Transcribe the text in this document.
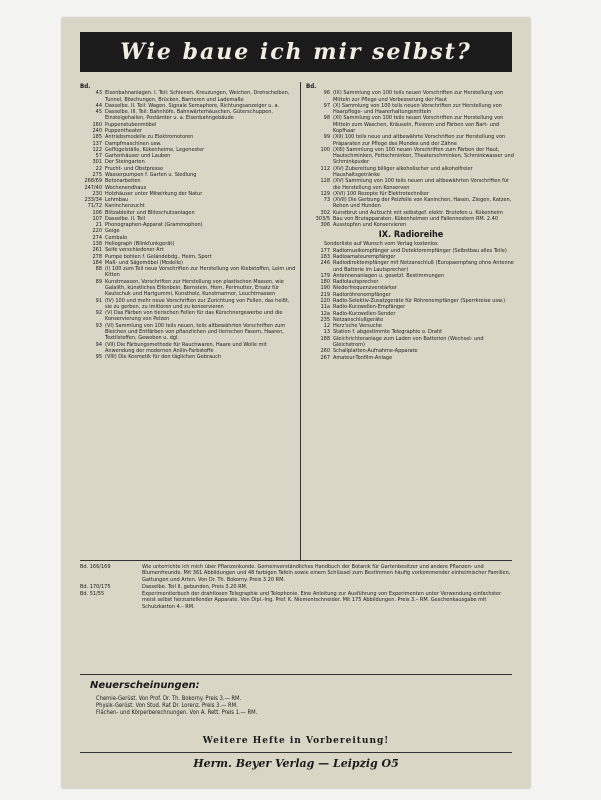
Wie baue ich mir selbst?
Bd.
43 Eisenbahnanlagen. I. Teil: Schienen, Kreuzungen, Weichen, Drehscheiben, Tunnel, Böschungen, Brücken, Barrieren und Lademaße
44 Dasselbe. II. Teil: Wagen, Signale Semaphore, Richtungsanzeiger u. a.
45 Dasselbe. III. Teil: Bahnhöfe, Bahnwärterhäuschen, Güterschuppen, Einsteigehallen, Postämter u. a. Eisenbahngebäude
160 Puppenstubenmöbel
240 Puppentheater
185 Antriebsmodelle zu Elektromotoren
137 Dampfmaschinen usw.
122 Geflügelställe, Kükenheime, Legenester
57 Gartenhäuser und Lauben
301 Der Steingarten
22 Frucht- und Obstpresse
275 Wasserpumpen f. Garten u. Siedlung
268/69 Betonarbeiten
247/40 Wochenendhaus
230 Holzhäuser unter Mitwirkung der Natur
233/34 Lehmbau
71/72 Kaninchenzucht
106 Blitzableiter und Blitzschutzanlagen
107 Dasselbe. II. Teil
21 Phonographen-Apparat (Grammophon)
220 Geige
274 Cembalo
138 Heliograph (Blinkfunkgerät)
261 Seife verschiedener Art
278 Pumpe bohlen f. Geländebdg., Heim, Sport
184 Maß- und Sägemöbel (Modelle)
88 (I) 100 zum Teil neue Vorschriften zur Herstellung von Klebstoffen, Leim und Kitten
89 Kunstmassen, Vorschriften zur Herstellung von plastischen Massen, wie Galalith, künstliches Elfenbein, Bernstein, Horn, Perlmutter, Ersatz für Kautschuk und Hartgummi, Kunstholz, Kunstmarmor, Leuchtmassen
91 (IV) 100 und mehr neue Vorschriften zur Zurichtung von Fellen, das heißt, sie zu gerben, zu imitieren und zu konservieren
92 (V) Das Färben von tierischen Fellen für das Kürschnergewerbe und die Konservierung von Pelzen
93 (VI) Sammlung von 100 teils neuen, teils altbewährten Vorschriften zum Bleichen und Entfärben von pflanzlichen und tierischen Fasern, Haaren, Textilstoffen, Geweben u. dgl.
94 (VII) Die Färbungsmethode für Rauchwaren, Haare und Wolle mit Anwendung der modernen Anilin-Farbstoffe
95 (VIII) Die Kosmetik für den täglichen Gebrauch
Bd.
96 (IX) Sammlung von 100 teils neuen Vorschriften zur Herstellung von Mitteln zur Pflege und Verbesserung der Haut
97 (X) Sammlung von 100 teils neuen Vorschriften zur Herstellung von Haarpflege- und Haarerhaltungsmitteln
98 (XI) Sammlung von 100 teils neuen Vorschriften zur Herstellung von Mitteln zum Waschen, Kräuseln, Fixieren und Färben von Bart- und Kopfhaar
99 (XII) 100 teils neue und altbewährte Vorschriften zur Herstellung von Präparaten zur Pflege des Mundes und der Zähne
100 (XIII) Sammlung von 100 neuen Vorschriften zum Färben der Haut, Hautschminken, Fettschminken, Theaterschminken, Schminkwasser und Schminkpuder
112 (XV) Zubereitung billiger alkoholischer und alkoholfreier Haushaltsgetränke
128 (XV) Sammlung von 100 teils neuen und altbewährten Vorschriften für die Herstellung von Konserven
129 (XVI) 100 Rezepte für Elektrotechniker
73 (XVII) Die Gerbung der Pelzfelle von Kaninchen, Hasen, Ziegen, Katzen, Rehen und Hunden
302 Kunstbrut und Aufzucht mit selbstgef. elektr. Brutofen u. Kükenheim
303/5 Bau von Brutapparaten, Kükenheimen und Fallennestern RM. 2.40
306 Ausstopfen und Konservieren
IX. Radioreihe
Sonderliste auf Wunsch vom Verlag kostenlos
177 Radiomusikempfänger und Detektorempfänger (Selbstbau alles Teile)
183 Radioamateurempfänger
246 Radiodirektempfänger mit Netzanschluß (Europaempfang ohne Antenne und Batterie im Lautsprecher)
179 Antennenanlagen u. gesetzl. Bestimmungen
180 Radiolautsprecher
190 Niederfrequenzverstärker
219 Radioröhrenempfänger
220 Radio-Selektiv-Zusatzgeräte für Röhrenempfänger (Sperrkreise usw.)
11a Radio-Kurzwellen-Empfänger
12a Radio-Kurzwellen-Sender
235 Netzanschlußgeräte
12 Herz'sche Versuche
13 Station f. abgestimmte Telegraphie o. Draht
188 Gleichrichteranlage zum Laden von Batterien (Wechsel- und Gleichstrom)
260 Schallplatten-Aufnahme-Apparate
267 Amateur-Tonfilm-Anlage
Bd. 166/169	Wie unterrichte ich mich über Pflanzenkunde. Gemeinverständliches Handbuch der Botanik für Gartenbesitzer und andere Pflanzen- und Blumenfreunde. Mit 361 Abbildungen und 48 farbigen Tafeln sowie einem Schlüssel zum Bestimmen häufig vorkommender einheimischer Familien, Gattungen und Arten. Von Dr. Th. Bokorny. Preis 3.20 RM.
Bd. 170/175	Dasselbe. Teil II, gebunden, Preis 3.20 RM.
Bd. 51/55	Experimentierbuch der drahtlosen Telegraphie und Telephonie. Eine Anleitung zur Ausführung von Experimenten unter Verwendung einfachster meist selbst herzustellender Apparate. Von Dipl.-Ing. Prof. K. Niementschneider. Mit 175 Abbildungen. Preis 3.– RM. Geschenkausgabe mit Schutzkarton 4.– RM.
Neuerscheinungen:
Chemie-Gerüst. Von Prof. Dr. Th. Bokorny. Preis 3.— RM.
Physik-Gerüst. Von Stud. Rat Dr. Lorenz. Preis 3.— RM.
Flächen- und Körperberechnungen. Von A. Rett. Preis 1.— RM.
Weitere Hefte in Vorbereitung!
Herm. Beyer Verlag — Leipzig O5
